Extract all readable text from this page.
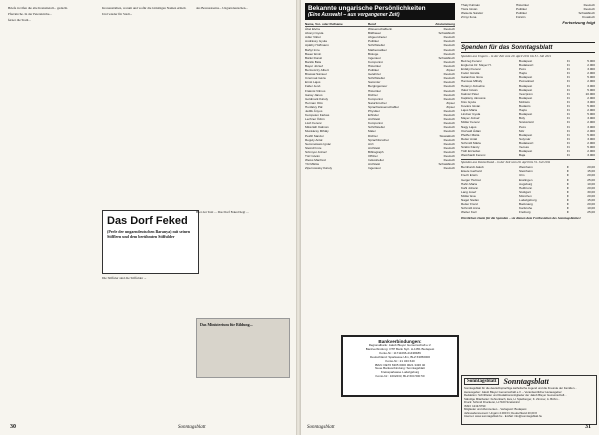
Briefe in Ofen die alte Kreismetall... gedacht.

Pfarrkirche. In der Peterskirche...

ferner die Stadt...

Kronenstädten, warum und wofür die Gläubigen Namen erhielt.

Und wieder für Stadt...

des Bewusstseins... Ungarndeutschen...

Das Dorf Feked
(Perle der ungarndeutschen Baranya) mit seinen Stifflern und dem berühmten Stiffulder

Die Stiffuler sind die Stiffulder ...

Hier der Text ... Das Dorf Feked liegt ...

Das Ministerium für Bildung...
30	Sonntagsblatt
Bekannte ungarische Persönlichkeiten
(Eine Auswahl – aus vergangener Zeit)
Name, Vor- oder Rufname	Beruf	Abstammung
Ábel Elvira	Wissenschaftlerin	Deutsch
Abonyi Gyula	Bildhauer	Schwäbisch
Adler Viktor	Abgeordneter	Deutsch
Andrássy Gyula	Politiker	Deutsch
Apáthy Hoffmann	Schriftsteller	Deutsch
Bahyl Imre	Mathematiker	Deutsch
Bauer Ervin	Biologe	Deutsch
Bánki Donát	Ingenieur	Schwäbisch
Bartók Béla	Komponist	Deutsch
Bayer József	Historiker	Deutsch
Berzeviczy Albert	Politiker	Zipser
Brassai Sámuel	Gelehrter	Deutsch
Czermak Géza	Schriftsteller	Deutsch
Ernst Lajos	Sammler	Deutsch
Faller Jenő	Bergingenieur	Deutsch
Fraknói Vilmos	Historiker	Deutsch
Garay János	Dichter	Deutsch
Goldmark Károly	Komponist	Deutsch
Herman Ottó	Naturforscher	Zipser
Hunfalvy Pál	Sprachwissenschaftler	Zipser
Jedlik Ányos	Physiker	Deutsch
Kempelen Farkas	Erfinder	Deutsch
Lechner Ödön	Architekt	Deutsch
Liszt Ferenc	Komponist	Deutsch
Mikszáth Kálmán	Schriftsteller	Deutsch
Munkácsy Mihály	Maler	Deutsch
Petőfi Sándor	Dichter	Slowakisch
Reguly Antal	Sprachforscher	Deutsch
Semmelweis Ignác	Arzt	Deutsch
Steindl Imre	Architekt	Deutsch
Szinnyei József	Bibliograph	Deutsch
Türr István	Offizier	Deutsch
Weiss Manfréd	Industrieller	Deutsch
Ybl Miklós	Architekt	Schwäbisch
Zipernowsky Károly	Ingenieur	Deutsch
Thaly Kálmán	Historiker	Deutsch
Tisza István	Politiker	Deutsch
Wekerle Sándor	Politiker	Schwäbisch
Zrínyi Ilona	Fürstin	Kroatisch
Fortsetzung folgt
Spenden für das Sonntagsblatt
Spenden aus Ungarn – in der Zeit vom 20. April 2011 bis 31. Juli 2011
Bezzeg Ferenc	Budapest	Ft	5.000
Englerné Dr. Mayer H.	Budakeszi	Ft	2.000
Erdélyi Ferenc	Pécs	Ft	3.000
Fodor Gizella	Hajós	Ft	2.000
Galambos Ilona	Budapest	Ft	5.000
Hamvas Mihály	Pécsvárad	Ft	2.000
Hetényi Józsefné	Budapest	Ft	3.000
Ihász István	Budapest	Ft	5.000
Kalmár Péter	Veszprém	Ft	10.000
Kapitány Jánosné	Budapest	Ft	2.000
Kiss Gyula	Mohács	Ft	3.000
Kovács István	Budaörs	Ft	5.000
Lajos Mária	Hajós	Ft	2.000
Lindner Gyula	Budapest	Ft	5.000
Mayer József	Bóly	Ft	3.000
Müller Ferenc	Szekszárd	Ft	2.000
Nagy Lajos	Pécs	Ft	3.000
Oszvald Ádám	Mór	Ft	2.000
Pfeiffer Mária	Budapest	Ft	5.000
Reiter Antal	Solymár	Ft	3.000
Schmidt Mária	Budakeszi	Ft	2.000
Szabó Károly	Vecsés	Ft	5.000
Tóth Erzsébet	Budapest	Ft	2.000
Weinhardt Ferenc	Baja	Ft	3.000
Spenden aus Deutschland – in der Zeit vom 20. April bis 31. Juli 2011
Bernhardt Jakob	Weinheim	€	20,00
Eisele Gerhard	Steinheim	€	15,00
Frech Erwin	Ulm	€	20,00
Geiger Helmut	Esslingen	€	25,00
Hahn Maria	Augsburg	€	10,00
Kahl Johann	Heilbronn	€	20,00
Lang Josef	Stuttgart	€	30,00
Müller Eva	München	€	20,00
Nagel Stefan	Ludwigsburg	€	15,00
Reiter Franz	Backnang	€	20,00
Schmidt Anna	Karlsruhe	€	10,00
Weber Karl	Freiburg	€	25,00
Herzlichen Dank für die Spenden – sie dienen dem Fortbestehen des Sonntagsblattes!
Bankverbindungen:
Regionalbank: Jakob Bleyer Gemeinschaft e.V.
Bankverbindung: OTP Bank Nyrt. H-1051 Budapest
Konto-Nr.: 11711096-21438489
Deutschland: Sparkasse Ulm, BLZ 63050000
Konto-Nr.: 21 343 640
IBAN: DE76 6305 0000 0021 3436 40
Neue Bankverbindung: Sonntagsblatt
Kreissparkasse Ludwigsburg
Konto-Nr.: 1002233, BLZ 604 500 50
Sonntagsblatt Sonntagsblatt
Sonntagsblatt für die deutschsprachige katholische Jugend und die Freunde der Familien...
Herausgeber: Jakob Bleyer Gemeinschaft e.V. – Verantwortlicher Herausgeber:
Redaktion: Schriftleiter und Redaktionsmitglieder der Jakob Bleyer Gemeinschaft...
Ständige Mitarbeiter: Fehrenbach, Eva, H. Spielberger, K. Zimmer, A. Böhm...
Druck: Schmid Druckerei, H-7100 Szekszárd
ISSN: 1219-5790
Mitglieder und Abonnenten... Verlagsort: Budapest
Jahresabonnement: Ungarn 2.000 Ft; Deutschland 20,00 €
Internet: www.sonntagsblatt.hu · E-Mail: info@sonntagsblatt.hu
Sonntagsblatt	31
